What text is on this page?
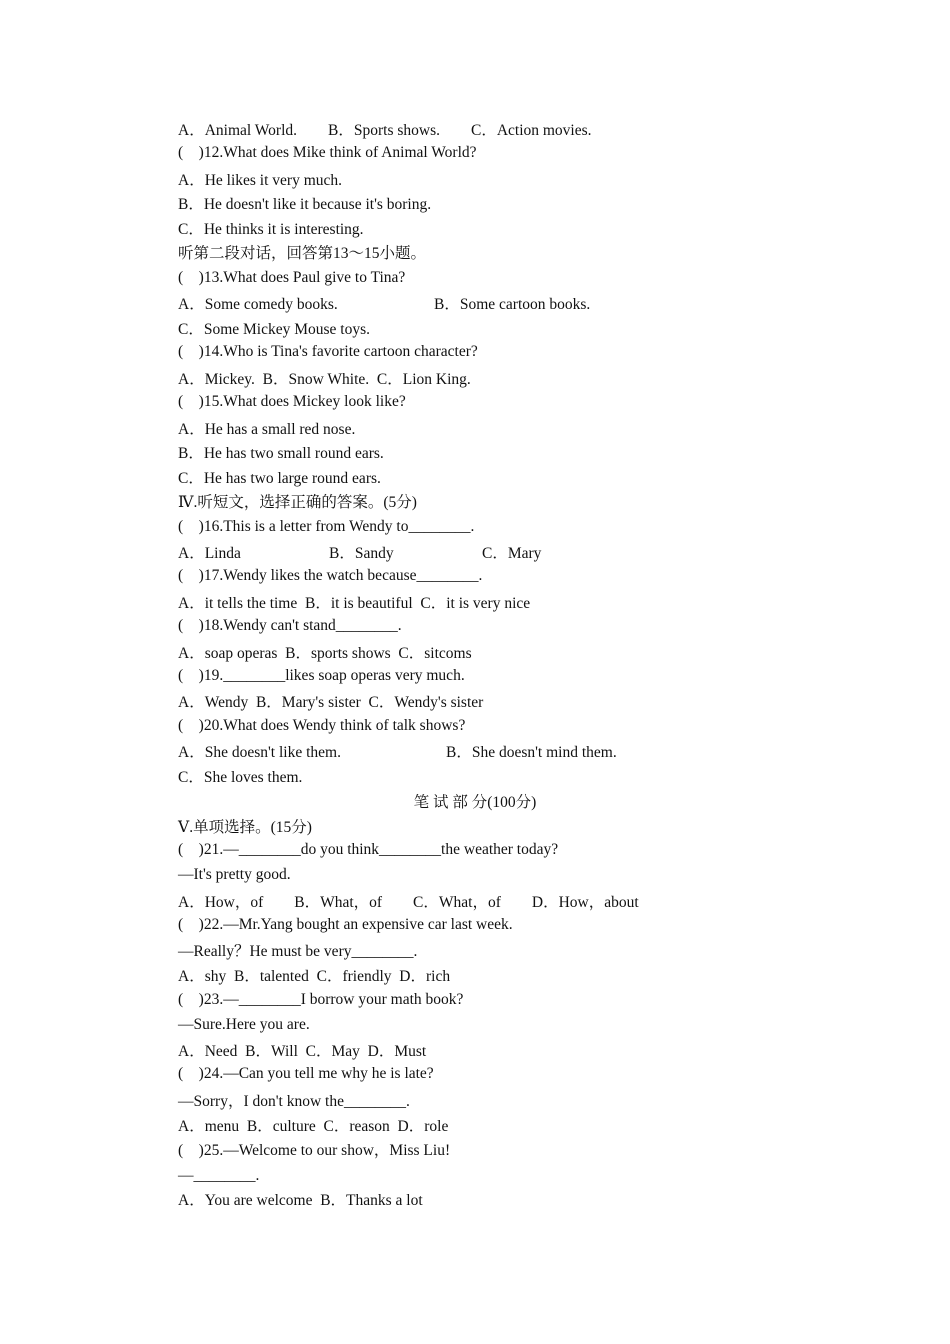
A．Animal World.　　B．Sports shows.　　C．Action movies.
(　)12.What does Mike think of Animal World?
A．He likes it very much.
B．He doesn't like it because it's boring.
C．He thinks it is interesting.
听第二段对话，回答第13～15小题。
(　)13.What does Paul give to Tina?

A．Some comedy books.

	B．Some cartoon books.

C．Some Mickey Mouse toys.
(　)14.Who is Tina's favorite cartoon character?
A．Mickey.  B．Snow White.  C．Lion King.
(　)15.What does Mickey look like?
A．He has a small red nose.
B．He has two small round ears.
C．He has two large round ears.
Ⅳ.听短文，选择正确的答案。(5分)
(　)16.This is a letter from Wendy to________.

A．Linda

	B．Sandy

	C．Mary

(　)17.Wendy likes the watch because________.
A．it tells the time  B．it is beautiful  C．it is very nice
(　)18.Wendy can't stand________.
A．soap operas  B．sports shows  C．sitcoms
(　)19.________likes soap operas very much.
A．Wendy  B．Mary's sister  C．Wendy's sister
(　)20.What does Wendy think of talk shows?

A．She doesn't like them.

	B．She doesn't mind them.

C．She loves them.
笔 试 部 分(100分)
Ⅴ.单项选择。(15分)
(　)21.—________do you think________the weather today?
—It's pretty good.
A．How，of　　B．What，of　　C．What，of　　D．How，about
(　)22.—Mr.Yang bought an expensive car last week.
—Really？He must be very________.
A．shy  B．talented  C．friendly  D．rich
(　)23.—________I borrow your math book?
—Sure.Here you are.
A．Need  B．Will  C．May  D．Must
(　)24.—Can you tell me why he is late?
—Sorry，I don't know the________.
A．menu  B．culture  C．reason  D．role
(　)25.—Welcome to our show，Miss Liu!
—________.
A．You are welcome  B．Thanks a lot
